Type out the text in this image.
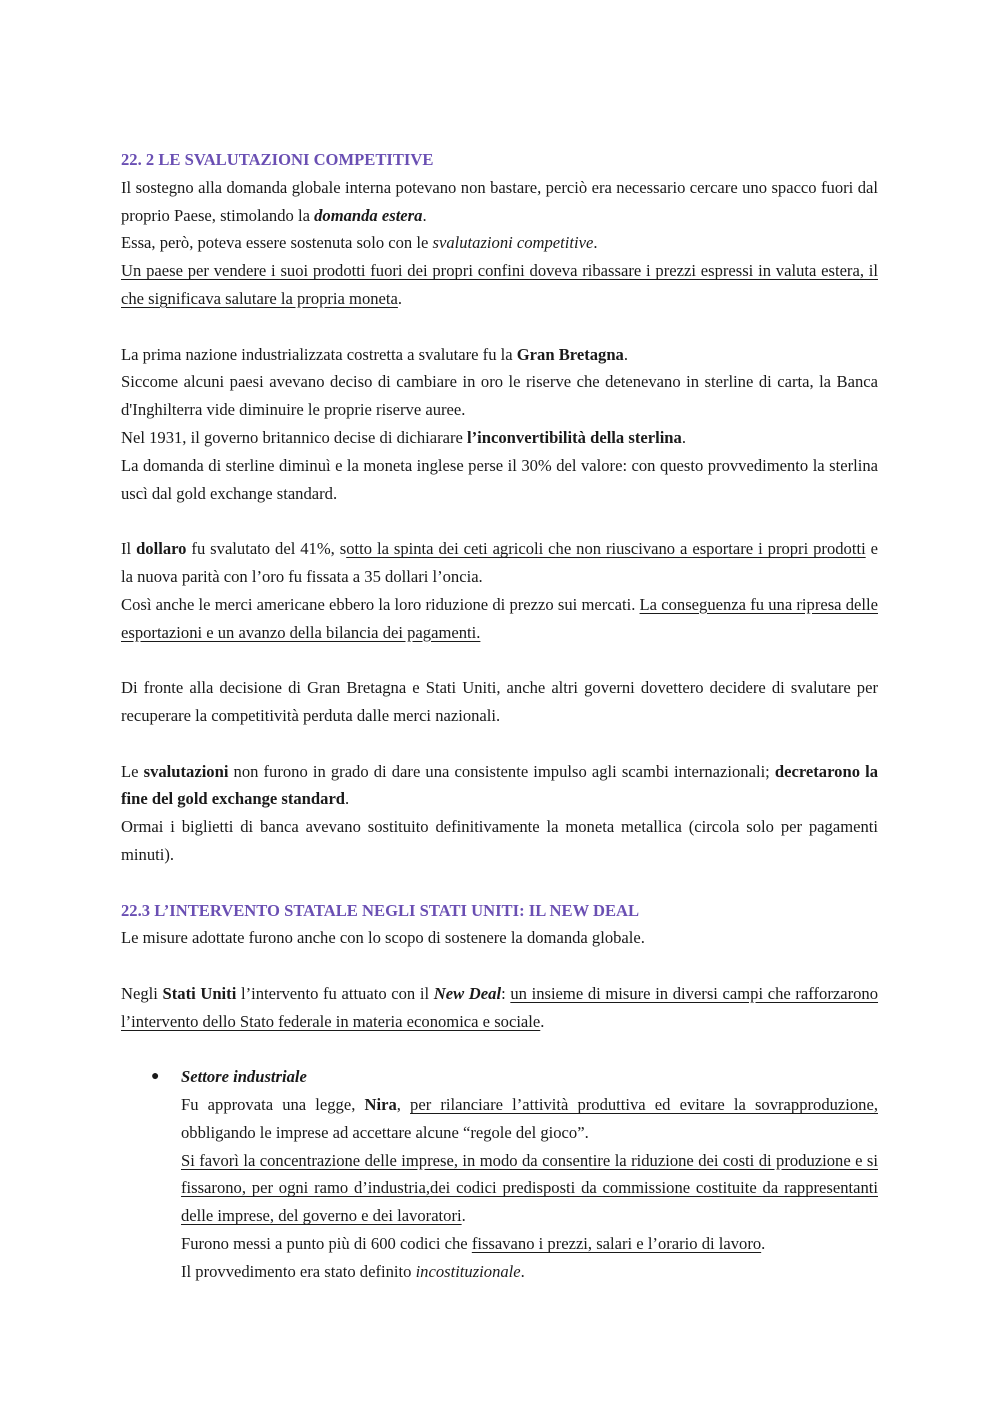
22. 2 LE SVALUTAZIONI COMPETITIVE

Il sostegno alla domanda globale interna potevano non bastare, perciò era necessario cercare uno spacco fuori dal proprio Paese, stimolando la domanda estera.

Essa, però, poteva essere sostenuta solo con le svalutazioni competitive.

Un paese per vendere i suoi prodotti fuori dei propri confini doveva ribassare i prezzi espressi in valuta estera, il che significava salutare la propria moneta.

La prima nazione industrializzata costretta a svalutare fu la Gran Bretagna.

Siccome alcuni paesi avevano deciso di cambiare in oro le riserve che detenevano in sterline di carta, la Banca d'Inghilterra vide diminuire le proprie riserve auree.

Nel 1931, il governo britannico decise di dichiarare l’inconvertibilità della sterlina.

La domanda di sterline diminuì e la moneta inglese perse il 30% del valore: con questo provvedimento la sterlina uscì dal gold exchange standard.

Il dollaro fu svalutato del 41%, sotto la spinta dei ceti agricoli che non riuscivano a esportare i propri prodotti e la nuova parità con l’oro fu fissata a 35 dollari l’oncia.

Così anche le merci americane ebbero la loro riduzione di prezzo sui mercati. La conseguenza fu una ripresa delle esportazioni e un avanzo della bilancia dei pagamenti.

Di fronte alla decisione di Gran Bretagna e Stati Uniti, anche altri governi dovettero decidere di svalutare per recuperare la competitività perduta dalle merci nazionali.

Le svalutazioni non furono in grado di dare una consistente impulso agli scambi internazionali; decretarono la fine del gold exchange standard.

Ormai i biglietti di banca avevano sostituito definitivamente la moneta metallica (circola solo per pagamenti minuti).

22.3 L’INTERVENTO STATALE NEGLI STATI UNITI: IL NEW DEAL

Le misure adottate furono anche con lo scopo di sostenere la domanda globale.

Negli Stati Uniti l’intervento fu attuato con il New Deal: un insieme di misure in diversi campi che rafforzarono l’intervento dello Stato federale in materia economica e sociale.

● Settore industriale

Fu approvata una legge, Nira, per rilanciare l’attività produttiva ed evitare la sovrapproduzione, obbligando le imprese ad accettare alcune “regole del gioco”.

Si favorì la concentrazione delle imprese, in modo da consentire la riduzione dei costi di produzione e si fissarono, per ogni ramo d’industria,dei codici predisposti da commissione costituite da rappresentanti delle imprese, del governo e dei lavoratori.

Furono messi a punto più di 600 codici che fissavano i prezzi, salari e l’orario di lavoro.

Il provvedimento era stato definito incostituzionale.
